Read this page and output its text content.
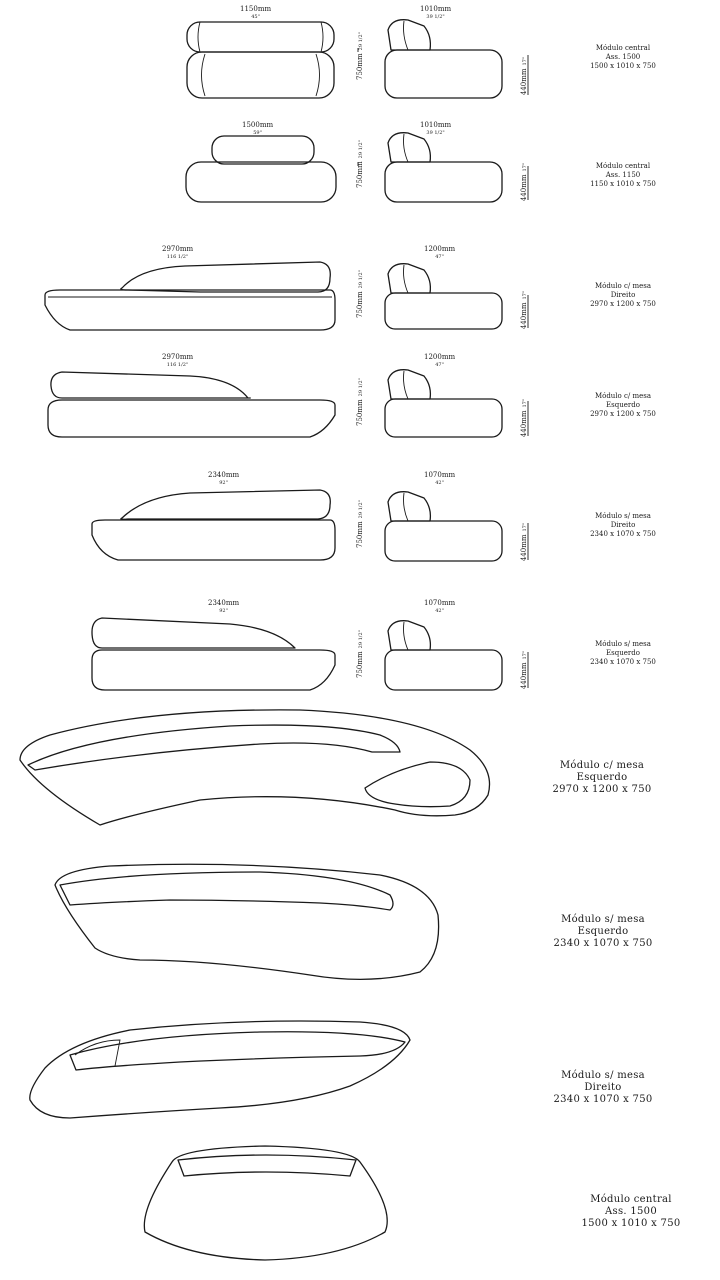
1150mm
45"
1010mm
39 1/2"
750mm29 1/2"
440mm17"
Módulo central
Ass. 1500
1500 x 1010 x 750
1500mm
59"
1010mm
39 1/2"
750mm29 1/2"
440mm17"	Módulo central
Ass. 1150
1150 x 1010 x 750
2970mm
116 1/2"
1200mm
47"
750mm29 1/2"
440mm17"
Módulo c/ mesa
Direito
2970 x 1200 x 750
2970mm
116 1/2"
1200mm
47"
750mm29 1/2"
440mm17"
Módulo c/ mesa
Esquerdo
2970 x 1200 x 750
2340mm
92"
1070mm
42"
750mm29 1/2"
440mm17"
Módulo s/ mesa
Direito
2340 x 1070 x 750
2340mm
92"
1070mm
42"
750mm29 1/2"
440mm17"
Módulo s/ mesa
Esquerdo
2340 x 1070 x 750
Módulo c/ mesa
Esquerdo
2970 x 1200 x 750
Módulo s/ mesa
Esquerdo
2340 x 1070 x 750
Módulo s/ mesa
Direito
2340 x 1070 x 750
Módulo central
Ass. 1500
1500 x 1010 x 750
